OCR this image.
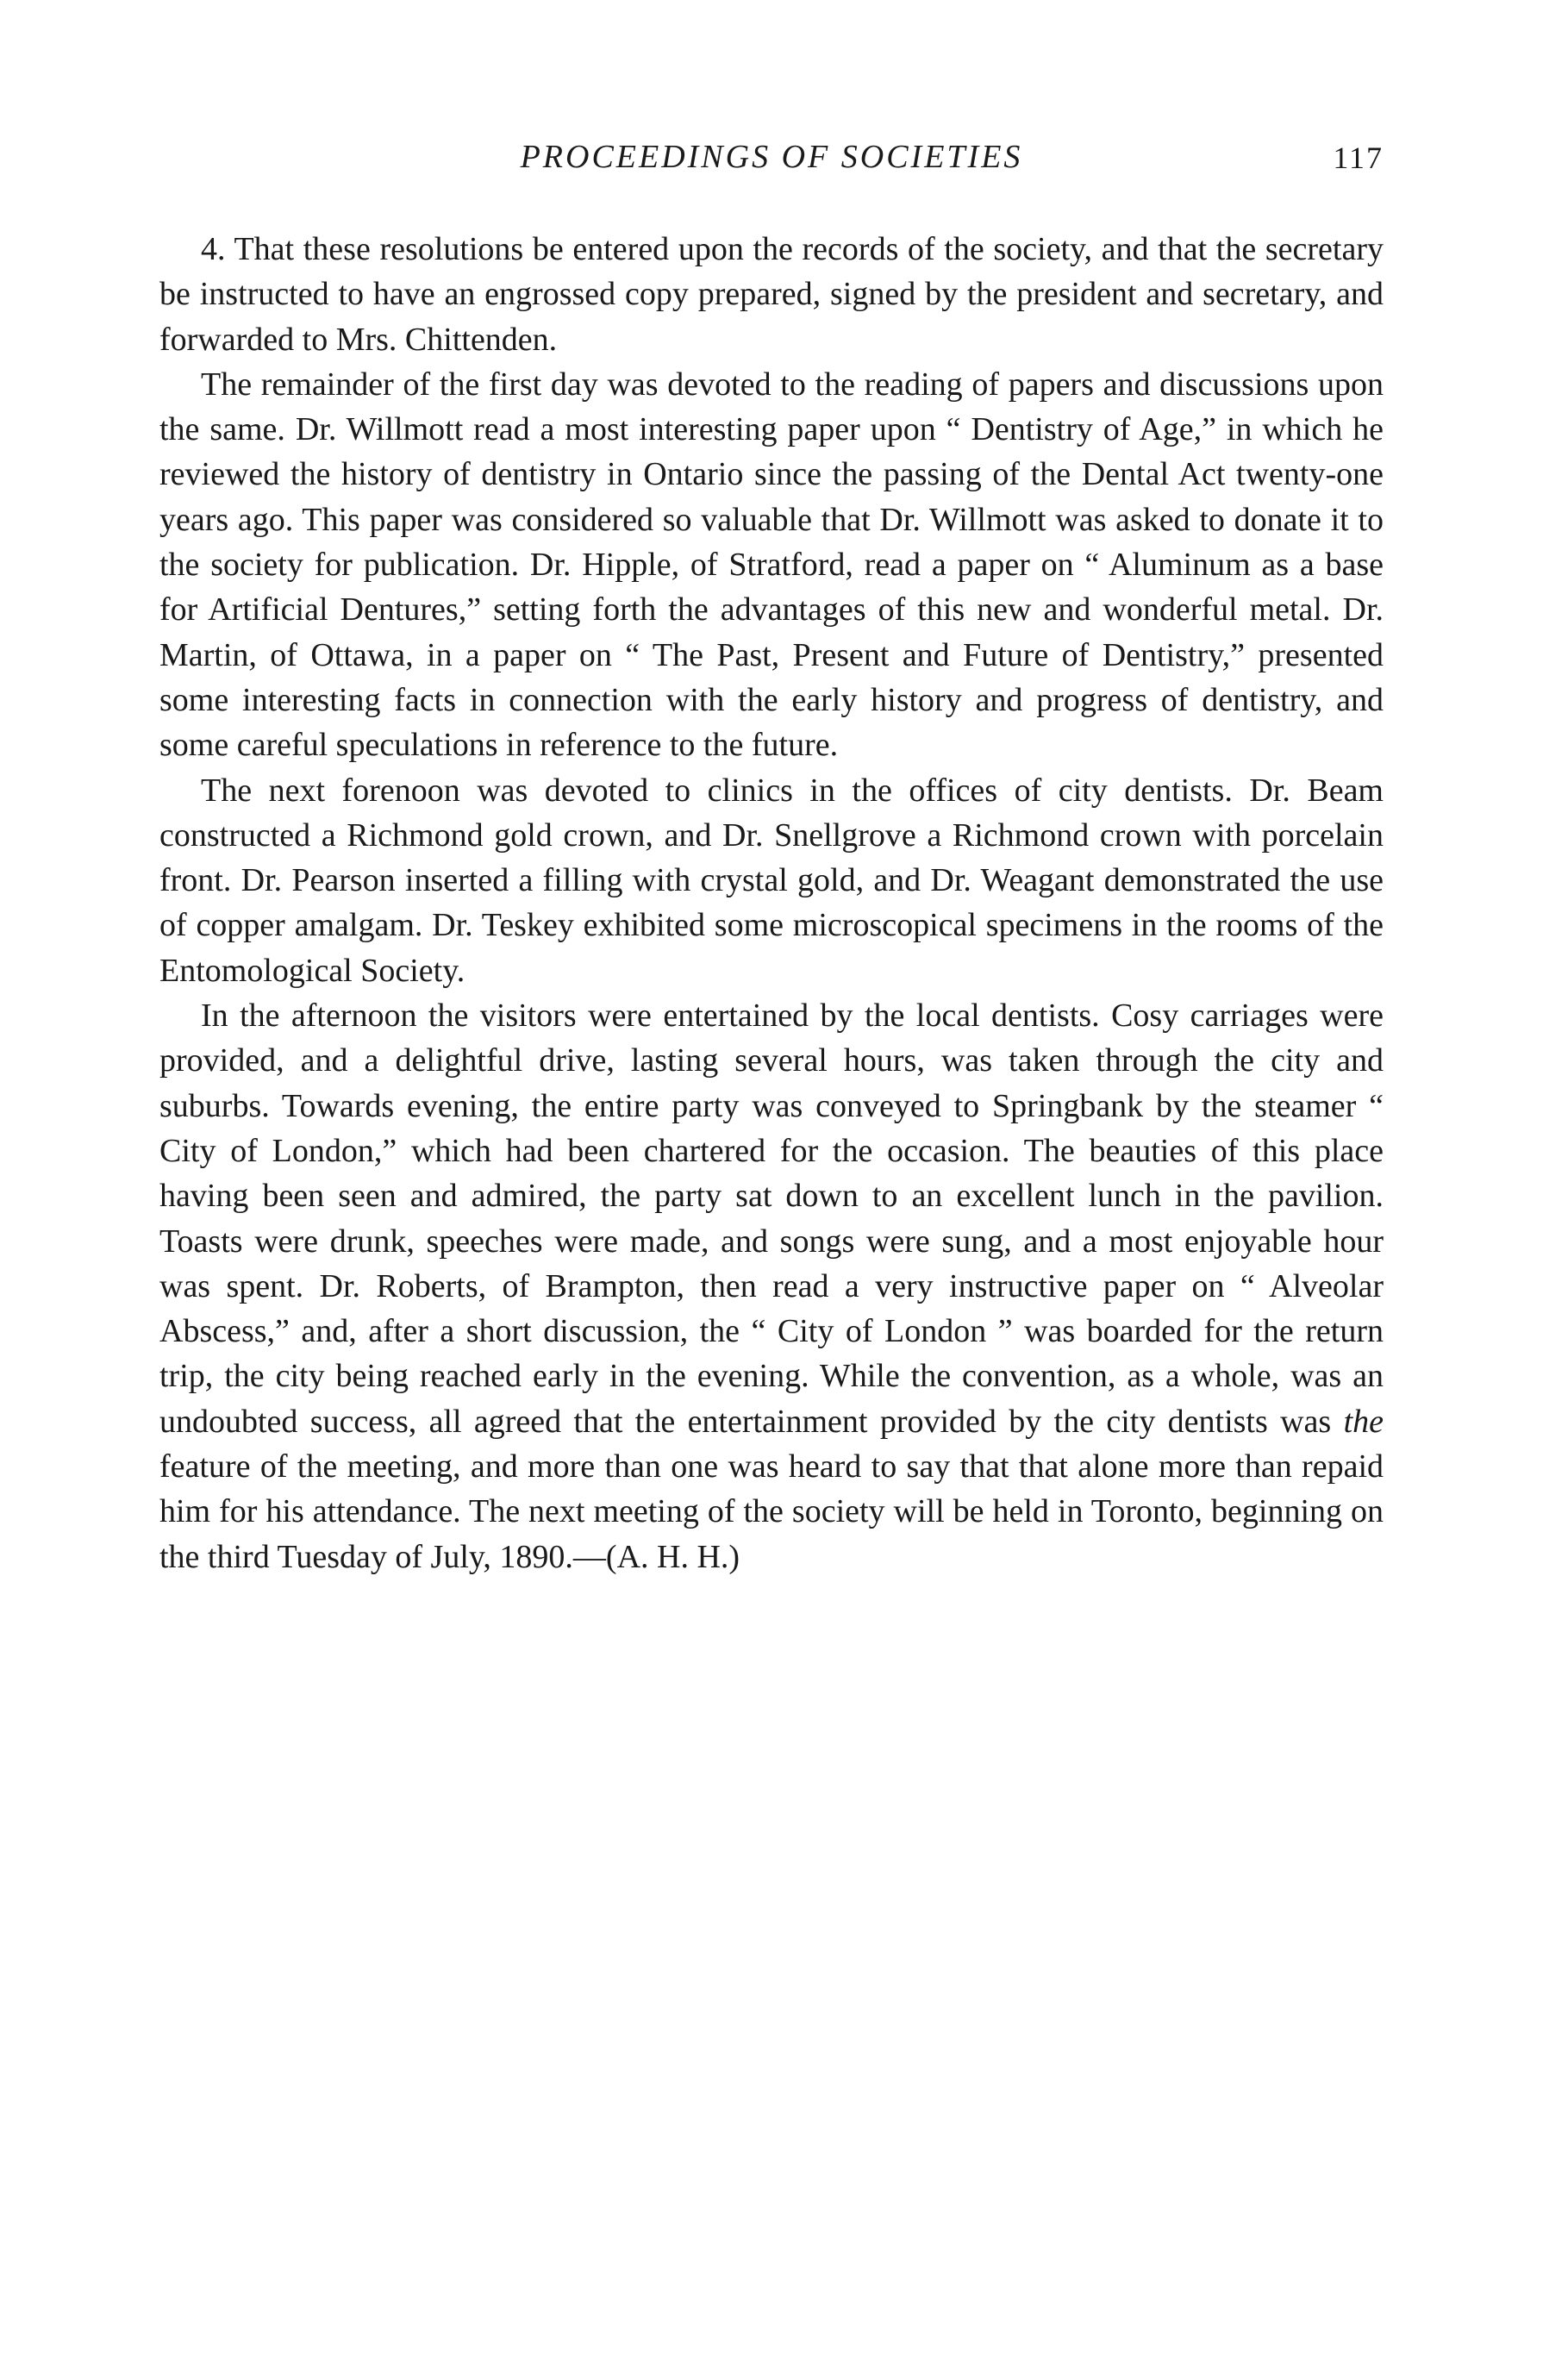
PROCEEDINGS OF SOCIETIES	117

4. That these resolutions be entered upon the records of the society, and that the secretary be instructed to have an engrossed copy prepared, signed by the president and secretary, and forwarded to Mrs. Chittenden.

The remainder of the first day was devoted to the reading of papers and discussions upon the same. Dr. Willmott read a most interesting paper upon “ Dentistry of Age,” in which he reviewed the history of dentistry in Ontario since the passing of the Dental Act twenty-one years ago. This paper was considered so valuable that Dr. Willmott was asked to donate it to the society for publication. Dr. Hipple, of Stratford, read a paper on “ Aluminum as a base for Artificial Dentures,” setting forth the advantages of this new and wonderful metal. Dr. Martin, of Ottawa, in a paper on “ The Past, Present and Future of Dentistry,” presented some interesting facts in connection with the early history and progress of dentistry, and some careful speculations in reference to the future.

The next forenoon was devoted to clinics in the offices of city dentists. Dr. Beam constructed a Richmond gold crown, and Dr. Snellgrove a Richmond crown with porcelain front. Dr. Pearson inserted a filling with crystal gold, and Dr. Weagant demonstrated the use of copper amalgam. Dr. Teskey exhibited some microscopical specimens in the rooms of the Entomological Society.

In the afternoon the visitors were entertained by the local dentists. Cosy carriages were provided, and a delightful drive, lasting several hours, was taken through the city and suburbs. Towards evening, the entire party was conveyed to Springbank by the steamer “ City of London,” which had been chartered for the occasion. The beauties of this place having been seen and admired, the party sat down to an excellent lunch in the pavilion. Toasts were drunk, speeches were made, and songs were sung, and a most enjoyable hour was spent. Dr. Roberts, of Brampton, then read a very instructive paper on “ Alveolar Abscess,” and, after a short discussion, the “ City of London ” was boarded for the return trip, the city being reached early in the evening. While the convention, as a whole, was an undoubted success, all agreed that the entertainment provided by the city dentists was the feature of the meeting, and more than one was heard to say that that alone more than repaid him for his attendance. The next meeting of the society will be held in Toronto, beginning on the third Tuesday of July, 1890.—(A. H. H.)
